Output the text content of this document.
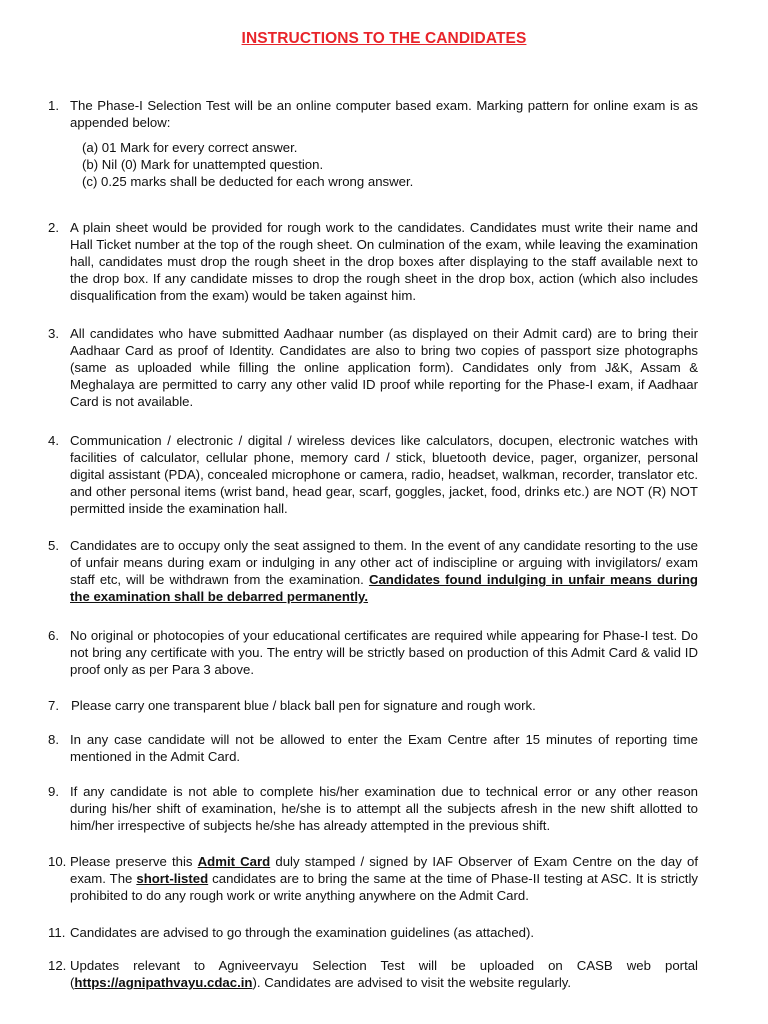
INSTRUCTIONS TO THE CANDIDATES
1. The Phase-I Selection Test will be an online computer based exam. Marking pattern for online exam is as appended below:
(a) 01 Mark for every correct answer.
(b) Nil (0) Mark for unattempted question.
(c) 0.25 marks shall be deducted for each wrong answer.
2. A plain sheet would be provided for rough work to the candidates. Candidates must write their name and Hall Ticket number at the top of the rough sheet. On culmination of the exam, while leaving the examination hall, candidates must drop the rough sheet in the drop boxes after displaying to the staff available next to the drop box. If any candidate misses to drop the rough sheet in the drop box, action (which also includes disqualification from the exam) would be taken against him.
3. All candidates who have submitted Aadhaar number (as displayed on their Admit card) are to bring their Aadhaar Card as proof of Identity. Candidates are also to bring two copies of passport size photographs (same as uploaded while filling the online application form). Candidates only from J&K, Assam & Meghalaya are permitted to carry any other valid ID proof while reporting for the Phase-I exam, if Aadhaar Card is not available.
4. Communication / electronic / digital / wireless devices like calculators, docupen, electronic watches with facilities of calculator, cellular phone, memory card / stick, bluetooth device, pager, organizer, personal digital assistant (PDA), concealed microphone or camera, radio, headset, walkman, recorder, translator etc. and other personal items (wrist band, head gear, scarf, goggles, jacket, food, drinks etc.) are NOT (R) NOT permitted inside the examination hall.
5. Candidates are to occupy only the seat assigned to them. In the event of any candidate resorting to the use of unfair means during exam or indulging in any other act of indiscipline or arguing with invigilators/ exam staff etc, will be withdrawn from the examination. Candidates found indulging in unfair means during the examination shall be debarred permanently.
6. No original or photocopies of your educational certificates are required while appearing for Phase-I test. Do not bring any certificate with you. The entry will be strictly based on production of this Admit Card & valid ID proof only as per Para 3 above.
7. Please carry one transparent blue / black ball pen for signature and rough work.
8. In any case candidate will not be allowed to enter the Exam Centre after 15 minutes of reporting time mentioned in the Admit Card.
9. If any candidate is not able to complete his/her examination due to technical error or any other reason during his/her shift of examination, he/she is to attempt all the subjects afresh in the new shift allotted to him/her irrespective of subjects he/she has already attempted in the previous shift.
10. Please preserve this Admit Card duly stamped / signed by IAF Observer of Exam Centre on the day of exam. The short-listed candidates are to bring the same at the time of Phase-II testing at ASC. It is strictly prohibited to do any rough work or write anything anywhere on the Admit Card.
11. Candidates are advised to go through the examination guidelines (as attached).
12. Updates relevant to Agniveervayu Selection Test will be uploaded on CASB web portal (https://agnipathvayu.cdac.in). Candidates are advised to visit the website regularly.
